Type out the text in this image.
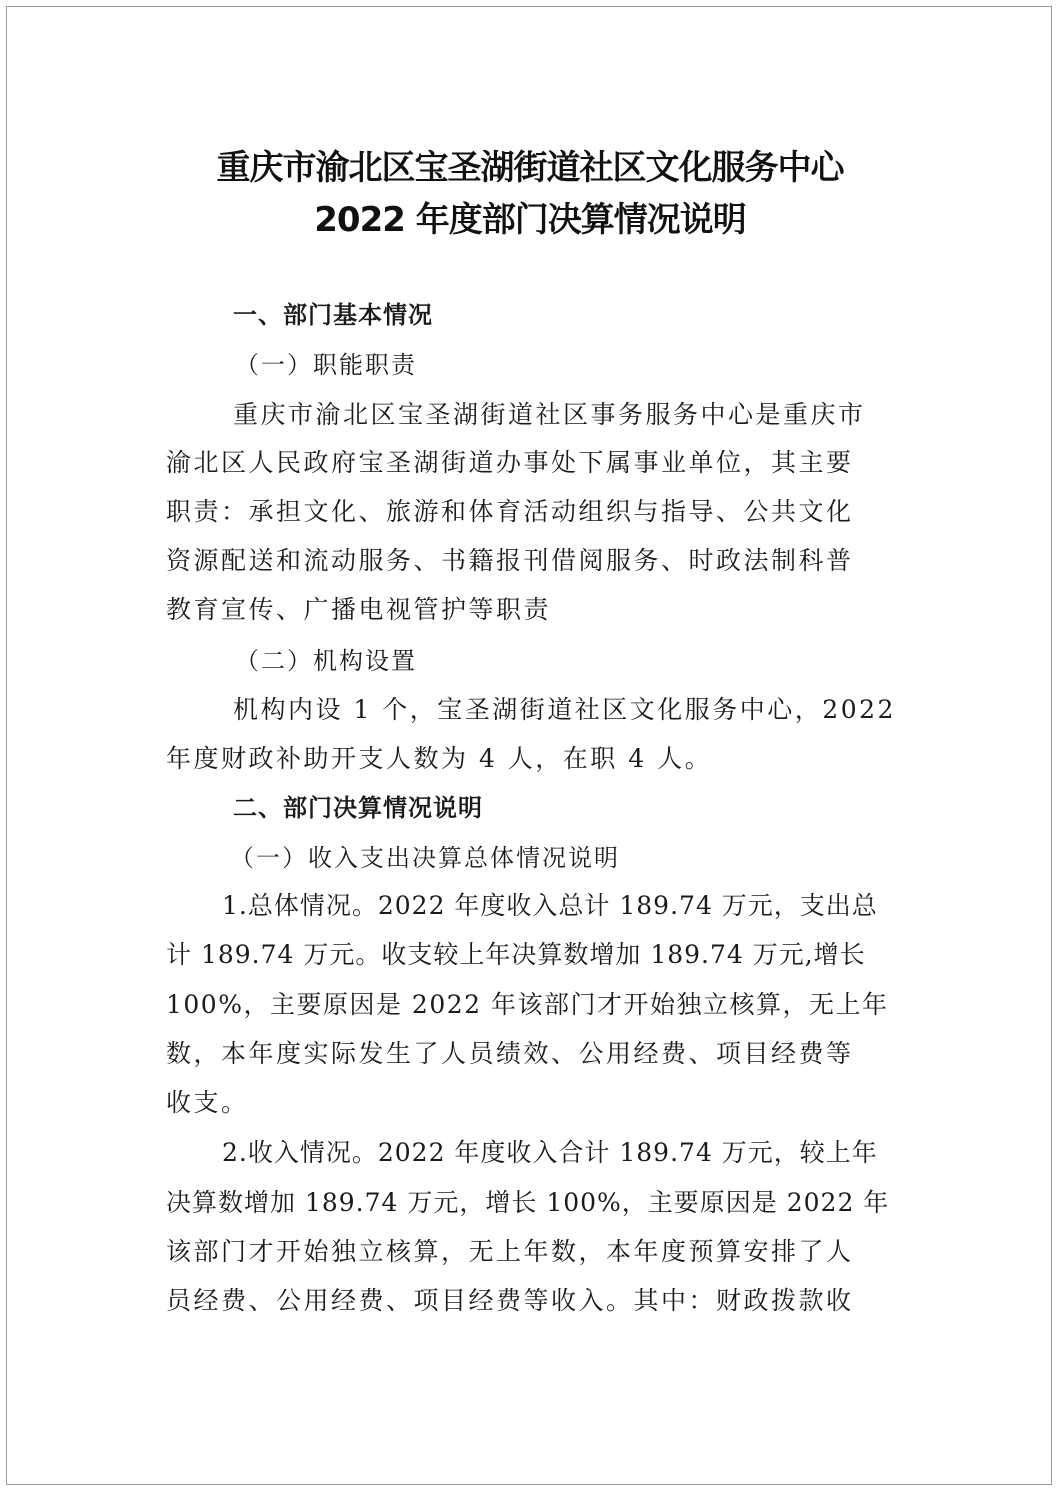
重庆市渝北区宝圣湖街道社区文化服务中心
2022 年度部门决算情况说明

一、部门基本情况

（一）职能职责

重庆市渝北区宝圣湖街道社区事务服务中心是重庆市

渝北区人民政府宝圣湖街道办事处下属事业单位，其主要

职责：承担文化、旅游和体育活动组织与指导、公共文化

资源配送和流动服务、书籍报刊借阅服务、时政法制科普

教育宣传、广播电视管护等职责

（二）机构设置

机构内设 1 个，宝圣湖街道社区文化服务中心，2022

年度财政补助开支人数为 4 人，在职 4 人。

二、部门决算情况说明

（一）收入支出决算总体情况说明

1.总体情况。2022 年度收入总计 189.74 万元，支出总

计 189.74 万元。收支较上年决算数增加 189.74 万元,增长

100%，主要原因是 2022 年该部门才开始独立核算，无上年

数，本年度实际发生了人员绩效、公用经费、项目经费等

收支。

2.收入情况。2022 年度收入合计 189.74 万元，较上年

决算数增加 189.74 万元，增长 100%，主要原因是 2022 年

该部门才开始独立核算，无上年数，本年度预算安排了人

员经费、公用经费、项目经费等收入。其中：财政拨款收
